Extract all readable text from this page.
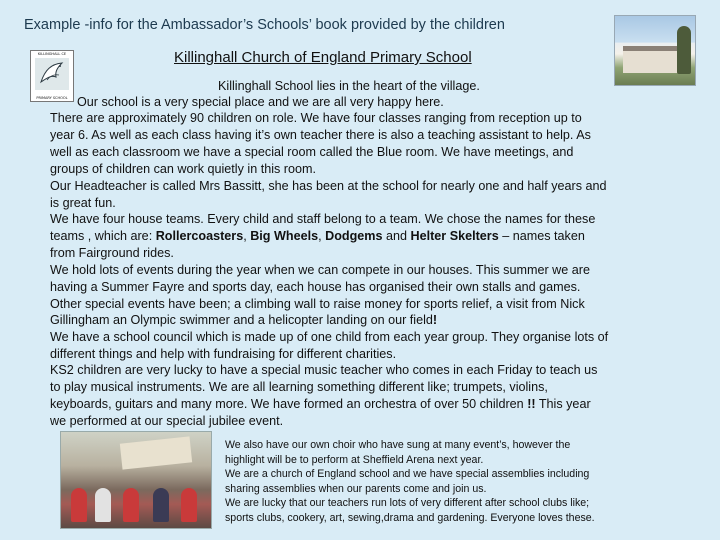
Example -info for the Ambassador’s Schools’ book provided by the children
KILLINGHALL CE
PRIMARY SCHOOL
Killinghall Church of England Primary School
Killinghall School lies in the heart of the village.
Our school is a very special place and we are all very happy here.
There are approximately 90 children on role. We have four classes ranging from reception up to
year 6. As well as each class having it’s own teacher there is also a teaching assistant to help. As
well as each classroom we have a special room called the Blue room. We have meetings, and
groups of children can work quietly in this room.
Our Headteacher is called Mrs Bassitt, she has been at the school for nearly one and half years and
is great fun.
We have four house teams. Every child and staff belong to a team. We chose the names for these
teams , which are: Rollercoasters, Big Wheels, Dodgems and Helter Skelters – names taken
from Fairground rides.
We hold lots of events during the year when we can compete in our houses. This summer we are
having a Summer Fayre and sports day, each house has organised their own stalls and games.
Other special events have been; a climbing wall to raise money for sports relief, a visit from Nick
Gillingham an Olympic swimmer and a helicopter landing on our field!
We have a school council which is made up of one child from each year group. They organise lots of
different things and help with fundraising for different charities.
KS2 children are very lucky to have a special music teacher who comes in each Friday to teach us
to play musical instruments. We are all learning something different like; trumpets, violins,
keyboards, guitars and many more. We have formed an orchestra of over 50 children !! This year
we performed at our special jubilee event.
We also have our own choir who have sung at many event’s, however the
highlight will be to perform at Sheffield Arena next year.
We are a church of England school and we have special assemblies including
sharing assemblies when our parents come and join us.
We are lucky that our teachers run lots of very different after school clubs like;
sports clubs, cookery, art, sewing,drama and gardening. Everyone loves these.
